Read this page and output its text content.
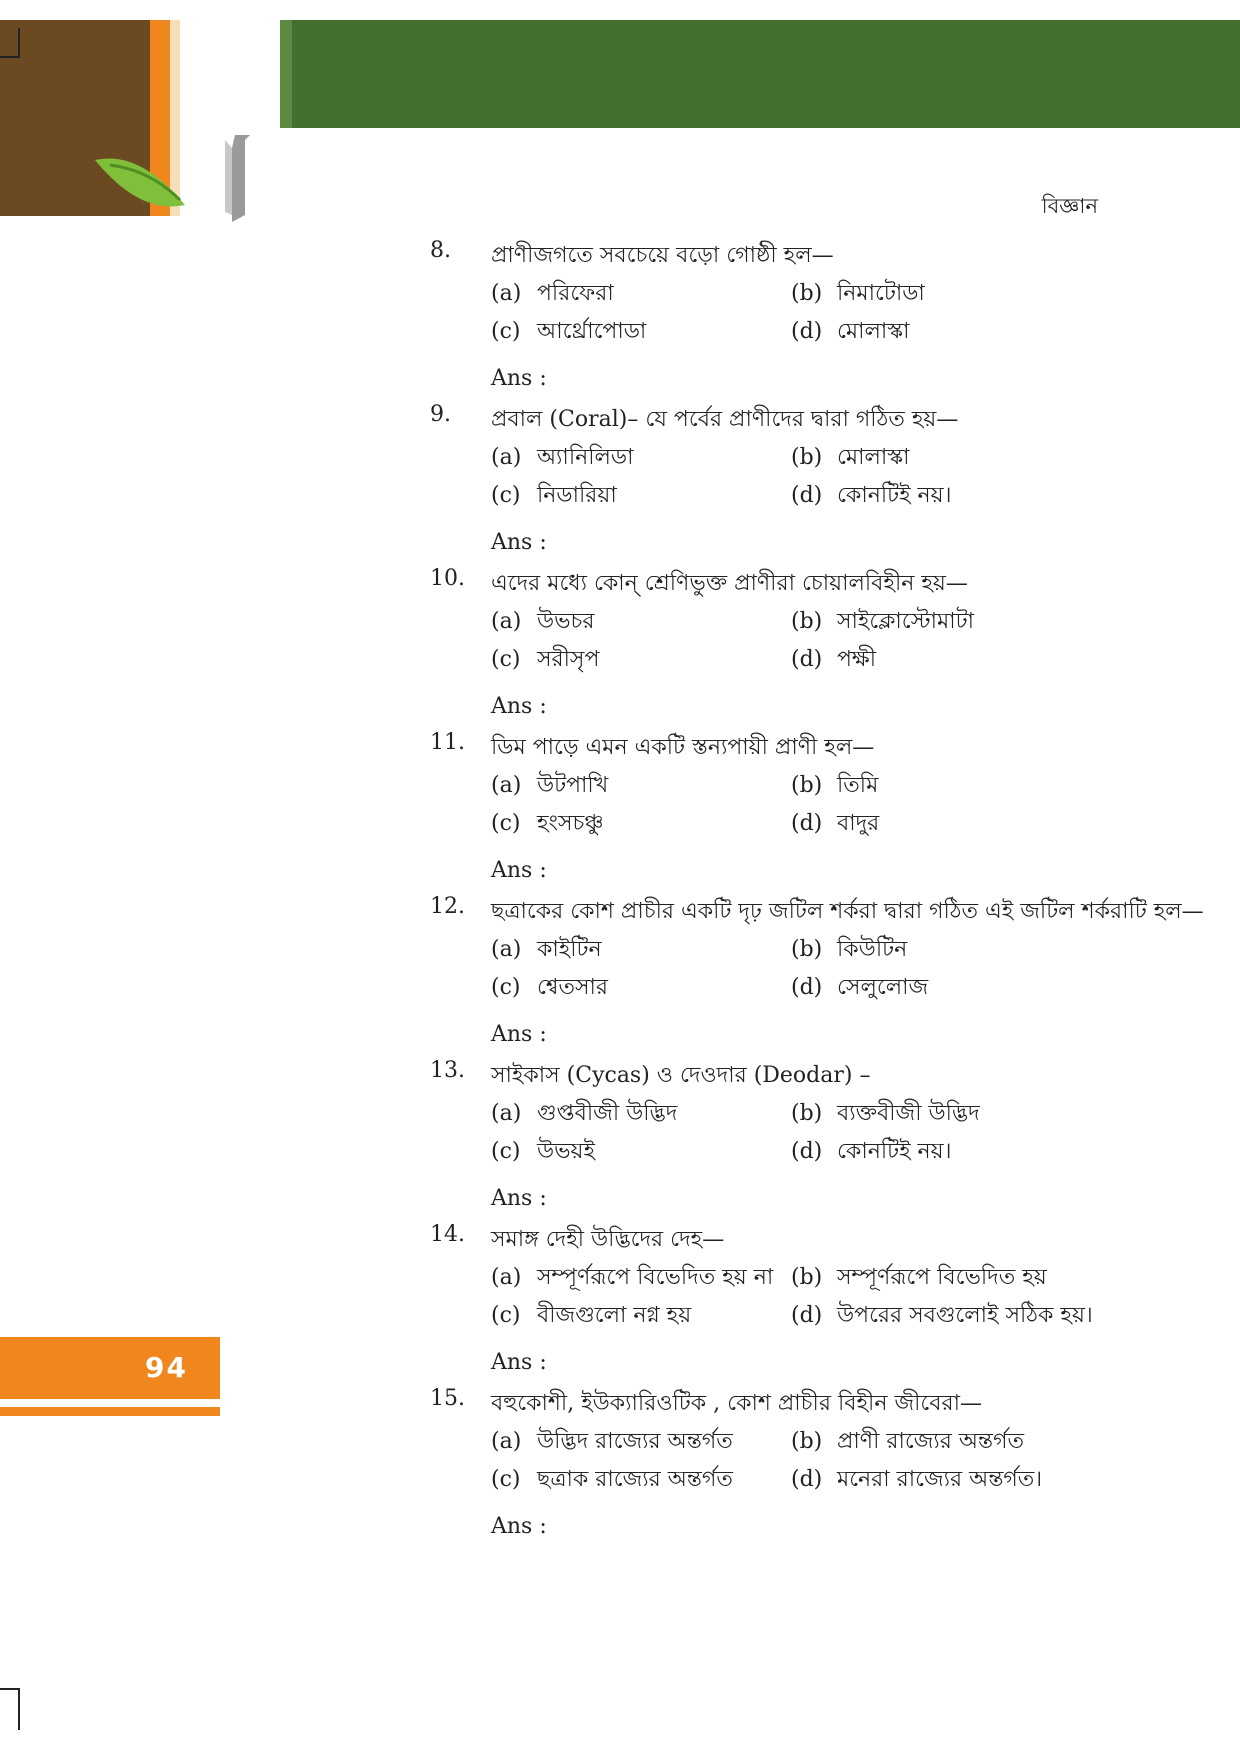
বিজ্ঞান
94
8.	প্রাণীজগতে সবচেয়ে বড়ো গোষ্ঠী হল—
(a) পরিফেরা	(b) নিমাটোডা
(c) আর্থ্রোপোডা	(d) মোলাস্কা
Ans :
9.	প্রবাল (Coral)– যে পর্বের প্রাণীদের দ্বারা গঠিত হয়—
(a) অ্যানিলিডা	(b) মোলাস্কা
(c) নিডারিয়া	(d) কোনটিই নয়।
Ans :
10.	এদের মধ্যে কোন্ শ্রেণিভুক্ত প্রাণীরা চোয়ালবিহীন হয়—
(a) উভচর	(b) সাইক্লোস্টোমাটা
(c) সরীসৃপ	(d) পক্ষী
Ans :
11.	ডিম পাড়ে এমন একটি স্তন্যপায়ী প্রাণী হল—
(a) উটপাখি	(b) তিমি
(c) হংসচঞ্চু	(d) বাদুর
Ans :
12.	ছত্রাকের কোশ প্রাচীর একটি দৃঢ় জটিল শর্করা দ্বারা গঠিত এই জটিল শর্করাটি হল—
(a) কাইটিন	(b) কিউটিন
(c) শ্বেতসার	(d) সেলুলোজ
Ans :
13.	সাইকাস (Cycas) ও দেওদার (Deodar) –
(a) গুপ্তবীজী উদ্ভিদ	(b) ব্যক্তবীজী উদ্ভিদ
(c) উভয়ই	(d) কোনটিই নয়।
Ans :
14.	সমাঙ্গ দেহী উদ্ভিদের দেহ—
(a) সম্পূর্ণরূপে বিভেদিত হয় না (b) সম্পূর্ণরূপে বিভেদিত হয়
(c) বীজগুলো নগ্ন হয়	(d) উপরের সবগুলোই সঠিক হয়।
Ans :
15.	বহুকোশী, ইউক্যারিওটিক , কোশ প্রাচীর বিহীন জীবেরা—
(a) উদ্ভিদ রাজ্যের অন্তর্গত	(b) প্রাণী রাজ্যের অন্তর্গত
(c) ছত্রাক রাজ্যের অন্তর্গত	(d) মনেরা রাজ্যের অন্তর্গত।
Ans :
